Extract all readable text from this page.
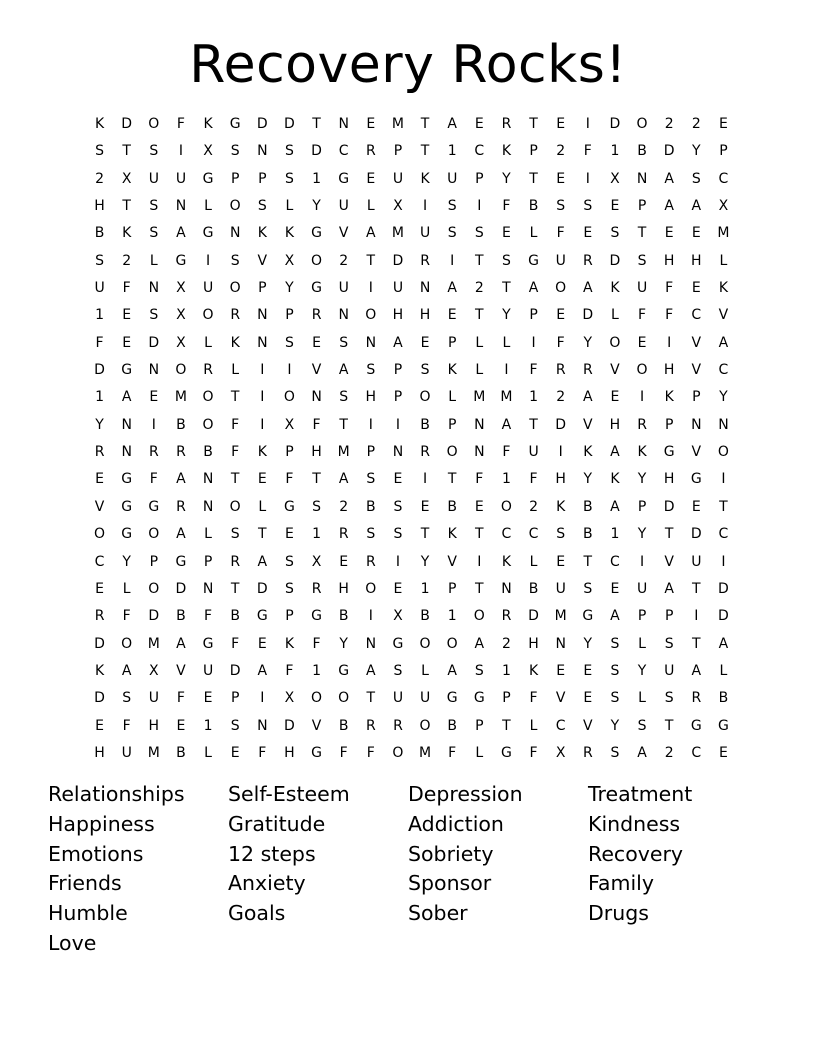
Recovery Rocks!
K	D	O	F	K	G	D	D	T	N	E	M	T	A	E	R	T	E	I	D	O	2	2	E
S	T	S	I	X	S	N	S	D	C	R	P	T	1	C	K	P	2	F	1	B	D	Y	P
2	X	U	U	G	P	P	S	1	G	E	U	K	U	P	Y	T	E	I	X	N	A	S	C
H	T	S	N	L	O	S	L	Y	U	L	X	I	S	I	F	B	S	S	E	P	A	A	X
B	K	S	A	G	N	K	K	G	V	A	M	U	S	S	E	L	F	E	S	T	E	E	M
S	2	L	G	I	S	V	X	O	2	T	D	R	I	T	S	G	U	R	D	S	H	H	L
U	F	N	X	U	O	P	Y	G	U	I	U	N	A	2	T	A	O	A	K	U	F	E	K
1	E	S	X	O	R	N	P	R	N	O	H	H	E	T	Y	P	E	D	L	F	F	C	V
F	E	D	X	L	K	N	S	E	S	N	A	E	P	L	L	I	F	Y	O	E	I	V	A
D	G	N	O	R	L	I	I	V	A	S	P	S	K	L	I	F	R	R	V	O	H	V	C
1	A	E	M	O	T	I	O	N	S	H	P	O	L	M	M	1	2	A	E	I	K	P	Y
Y	N	I	B	O	F	I	X	F	T	I	I	B	P	N	A	T	D	V	H	R	P	N	N
R	N	R	R	B	F	K	P	H	M	P	N	R	O	N	F	U	I	K	A	K	G	V	O
E	G	F	A	N	T	E	F	T	A	S	E	I	T	F	1	F	H	Y	K	Y	H	G	I
V	G	G	R	N	O	L	G	S	2	B	S	E	B	E	O	2	K	B	A	P	D	E	T
O	G	O	A	L	S	T	E	1	R	S	S	T	K	T	C	C	S	B	1	Y	T	D	C
C	Y	P	G	P	R	A	S	X	E	R	I	Y	V	I	K	L	E	T	C	I	V	U	I
E	L	O	D	N	T	D	S	R	H	O	E	1	P	T	N	B	U	S	E	U	A	T	D
R	F	D	B	F	B	G	P	G	B	I	X	B	1	O	R	D	M	G	A	P	P	I	D
D	O	M	A	G	F	E	K	F	Y	N	G	O	O	A	2	H	N	Y	S	L	S	T	A
K	A	X	V	U	D	A	F	1	G	A	S	L	A	S	1	K	E	E	S	Y	U	A	L
D	S	U	F	E	P	I	X	O	O	T	U	U	G	G	P	F	V	E	S	L	S	R	B
E	F	H	E	1	S	N	D	V	B	R	R	O	B	P	T	L	C	V	Y	S	T	G	G
H	U	M	B	L	E	F	H	G	F	F	O	M	F	L	G	F	X	R	S	A	2	C	E
Relationships	Self-Esteem	Depression	Treatment
Happiness	Gratitude	Addiction	Kindness
Emotions	12 steps	Sobriety	Recovery
Friends	Anxiety	Sponsor	Family
Humble	Goals	Sober	Drugs
Love
